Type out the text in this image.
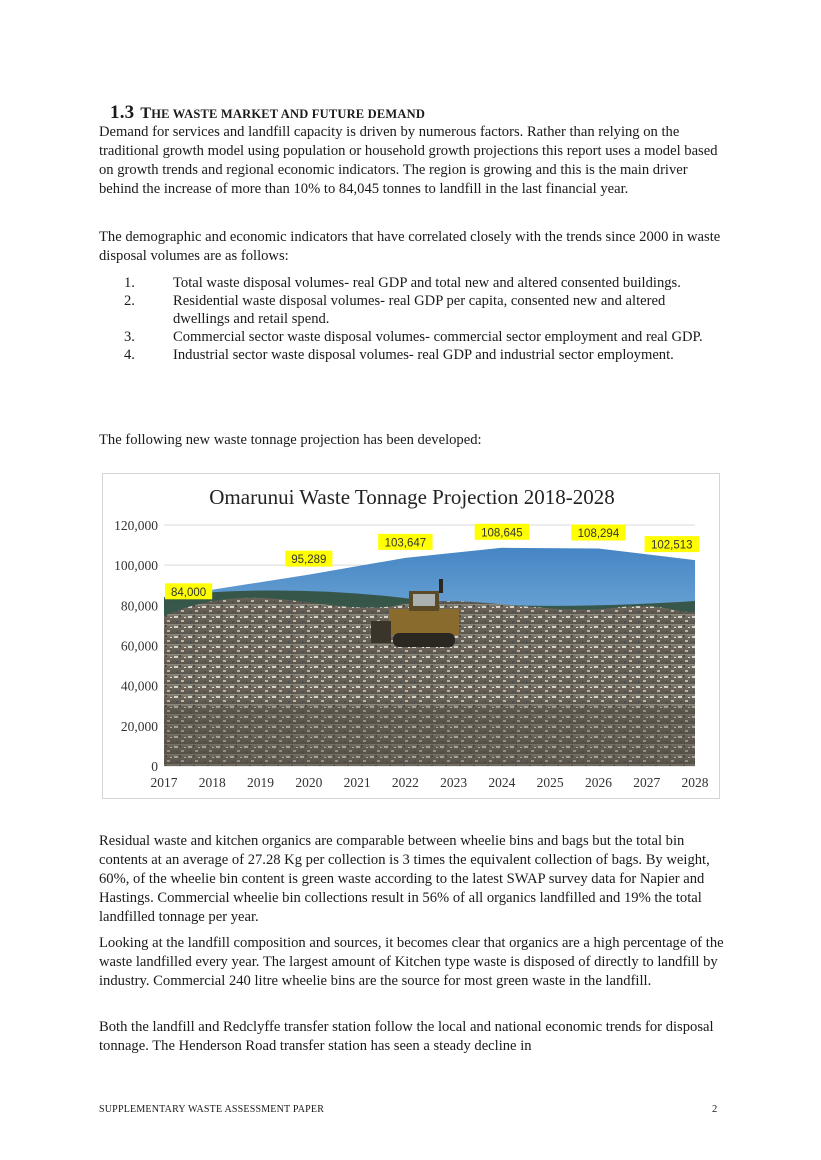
1.3 THE WASTE MARKET AND FUTURE DEMAND
Demand for services and landfill capacity is driven by numerous factors. Rather than relying on the traditional growth model using population or household growth projections this report uses a model based on growth trends and regional economic indicators. The region is growing and this is the main driver behind the increase of more than 10% to 84,045 tonnes to landfill in the last financial year.
The demographic and economic indicators that have correlated closely with the trends since 2000 in waste disposal volumes are as follows:
1.	Total waste disposal volumes- real GDP and total new and altered consented buildings.
2.	Residential waste disposal volumes- real GDP per capita, consented new and altered dwellings and retail spend.
3.	Commercial sector waste disposal volumes- commercial sector employment and real GDP.
4.	Industrial sector waste disposal volumes- real GDP and industrial sector employment.
The following new waste tonnage projection has been developed:
Omarunui Waste Tonnage Projection 2018-2028
0
20,000
40,000
60,000
80,000
100,000
120,000
2017 2018 2019 2020 2021 2022 2023 2024 2025 2026 2027 2028
84,000
95,289
103,647
108,645	108,294
102,513
Residual waste and kitchen organics are comparable between wheelie bins and bags but the total bin contents at an average of 27.28 Kg per collection is 3 times the equivalent collection of bags. By weight, 60%, of the wheelie bin content is green waste according to the latest SWAP survey data for Napier and Hastings. Commercial wheelie bin collections result in 56% of all organics landfilled and 19% the total landfilled tonnage per year.
Looking at the landfill composition and sources, it becomes clear that organics are a high percentage of the waste landfilled every year. The largest amount of Kitchen type waste is disposed of directly to landfill by industry. Commercial 240 litre wheelie bins are the source for most green waste in the landfill.
Both the landfill and Redclyffe transfer station follow the local and national economic trends for disposal tonnage. The Henderson Road transfer station has seen a steady decline in
SUPPLEMENTARY WASTE ASSESSMENT PAPER	2
